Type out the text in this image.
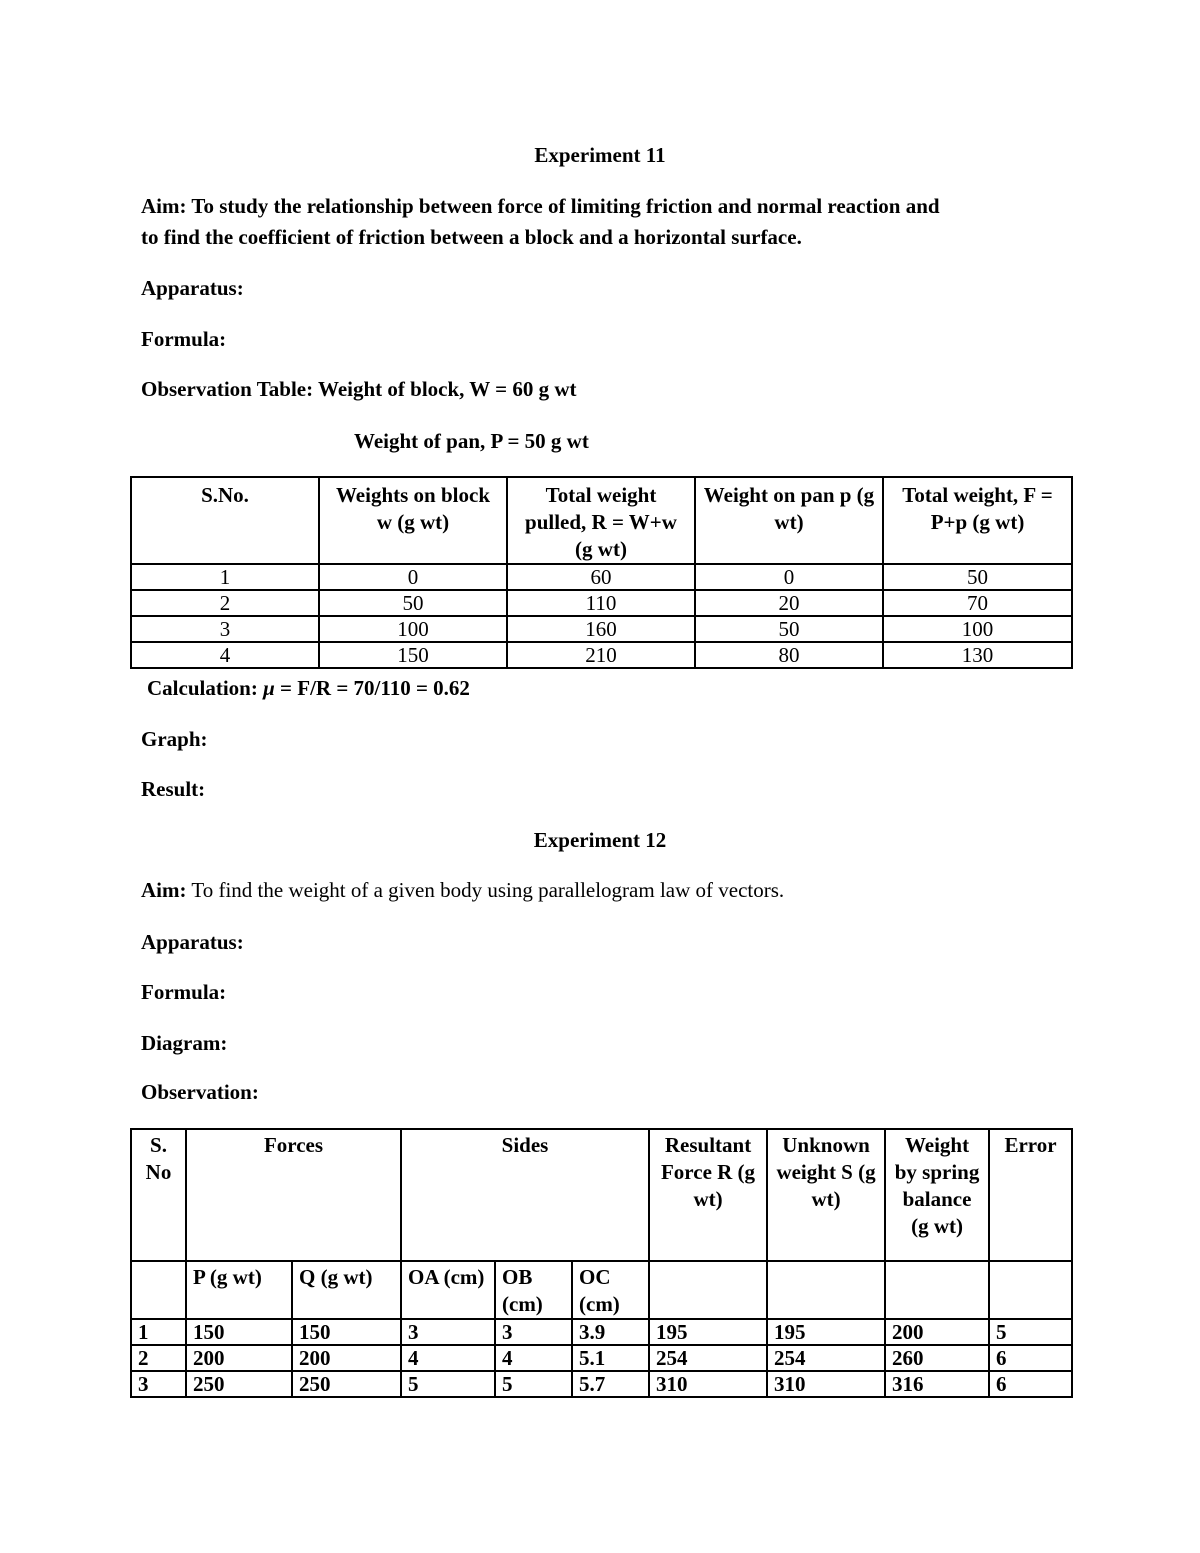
Experiment 11
Aim: To study the relationship between force of limiting friction and normal reaction and
to find the coefficient of friction between a block and a horizontal surface.
Apparatus:
Formula:
Observation Table: Weight of block, W = 60 g wt
Weight of pan, P = 50 g wt
S.No.	Weights on block w (g wt)	Total weight pulled, R = W+w (g wt)	Weight on pan p (g wt)	Total weight, F = P+p (g wt)
1	0	60	0	50
2	50	110	20	70
3	100	160	50	100
4	150	210	80	130
Calculation: μ = F/R = 70/110 = 0.62
Graph:
Result:
Experiment 12
Aim: To find the weight of a given body using parallelogram law of vectors.
Apparatus:
Formula:
Diagram:
Observation:
S. No	Forces		Sides			Resultant Force R (g wt)	Unknown weight S (g wt)	Weight by spring balance (g wt)	Error
	P (g wt)	Q (g wt)	OA (cm)	OB (cm)	OC (cm)				
1	150	150	3	3	3.9	195	195	200	5
2	200	200	4	4	5.1	254	254	260	6
3	250	250	5	5	5.7	310	310	316	6
